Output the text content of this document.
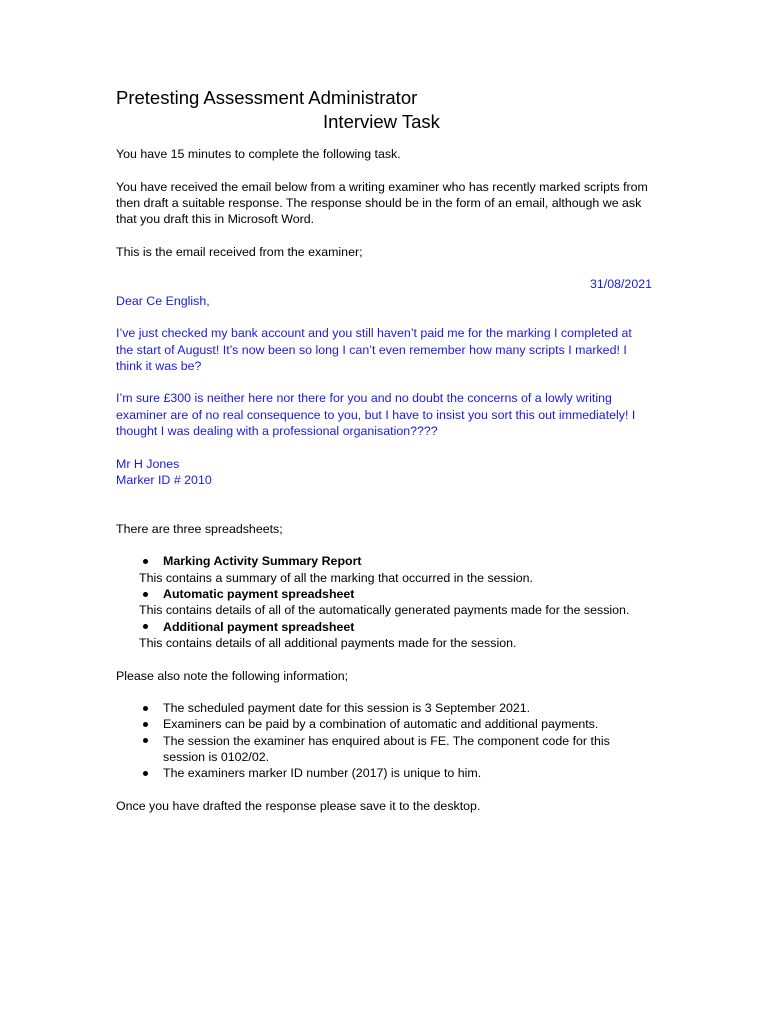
Pretesting Assessment Administrator
Interview Task

You have 15 minutes to complete the following task.

You have received the email below from a writing examiner who has recently marked scripts from then draft a suitable response. The response should be in the form of an email, although we ask that you draft this in Microsoft Word.

This is the email received from the examiner;

31/08/2021

Dear Ce English,

I’ve just checked my bank account and you still haven’t paid me for the marking I completed at the start of August! It’s now been so long I can’t even remember how many scripts I marked! I think it was be?

I’m sure £300 is neither here nor there for you and no doubt the concerns of a lowly writing examiner are of no real consequence to you, but I have to insist you sort this out immediately! I thought I was dealing with a professional organisation????

Mr H Jones

Marker ID # 2010

There are three spreadsheets;

Marking Activity Summary Report
This contains a summary of all the marking that occurred in the session.
Automatic payment spreadsheet
This contains details of all of the automatically generated payments made for the session.
Additional payment spreadsheet
This contains details of all additional payments made for the session.

Please also note the following information;

The scheduled payment date for this session is 3 September 2021.
Examiners can be paid by a combination of automatic and additional payments.
The session the examiner has enquired about is FE. The component code for this session is 0102/02.
The examiners marker ID number (2017) is unique to him.

Once you have drafted the response please save it to the desktop.
